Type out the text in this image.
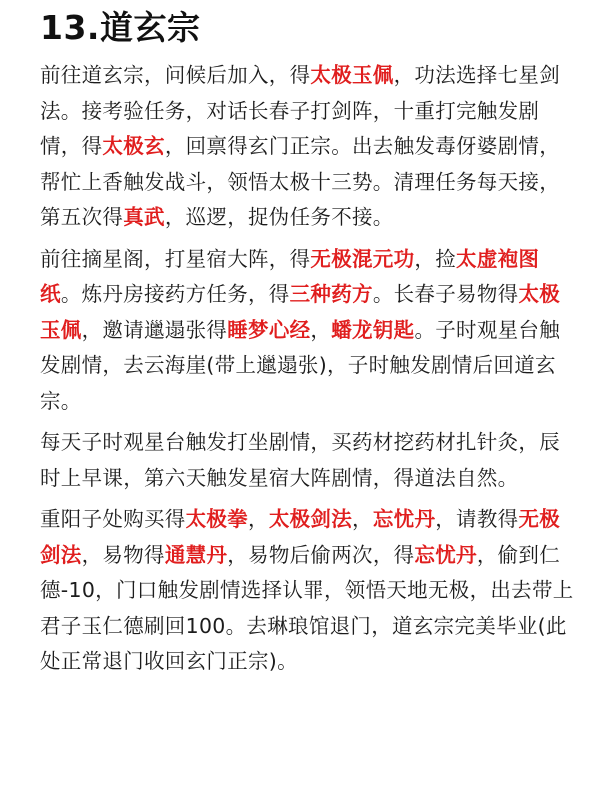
13.道玄宗

前往道玄宗，问候后加入，得太极玉佩，功法选择七星剑法。接考验任务，对话长春子打剑阵，十重打完触发剧情，得太极玄，回禀得玄门正宗。出去触发毒伢婆剧情，帮忙上香触发战斗，领悟太极十三势。清理任务每天接，第五次得真武，巡逻，捉伪任务不接。

前往摘星阁，打星宿大阵，得无极混元功，捡太虚袍图纸。炼丹房接药方任务，得三种药方。长春子易物得太极玉佩，邀请邋遢张得睡梦心经，蟠龙钥匙。子时观星台触发剧情，去云海崖(带上邋遢张)，子时触发剧情后回道玄宗。

每天子时观星台触发打坐剧情，买药材挖药材扎针灸，辰时上早课，第六天触发星宿大阵剧情，得道法自然。

重阳子处购买得太极拳，太极剑法，忘忧丹，请教得无极剑法，易物得通慧丹，易物后偷两次，得忘忧丹，偷到仁德-10，门口触发剧情选择认罪，领悟天地无极，出去带上君子玉仁德刷回100。去琳琅馆退门，道玄宗完美毕业(此处正常退门收回玄门正宗)。
